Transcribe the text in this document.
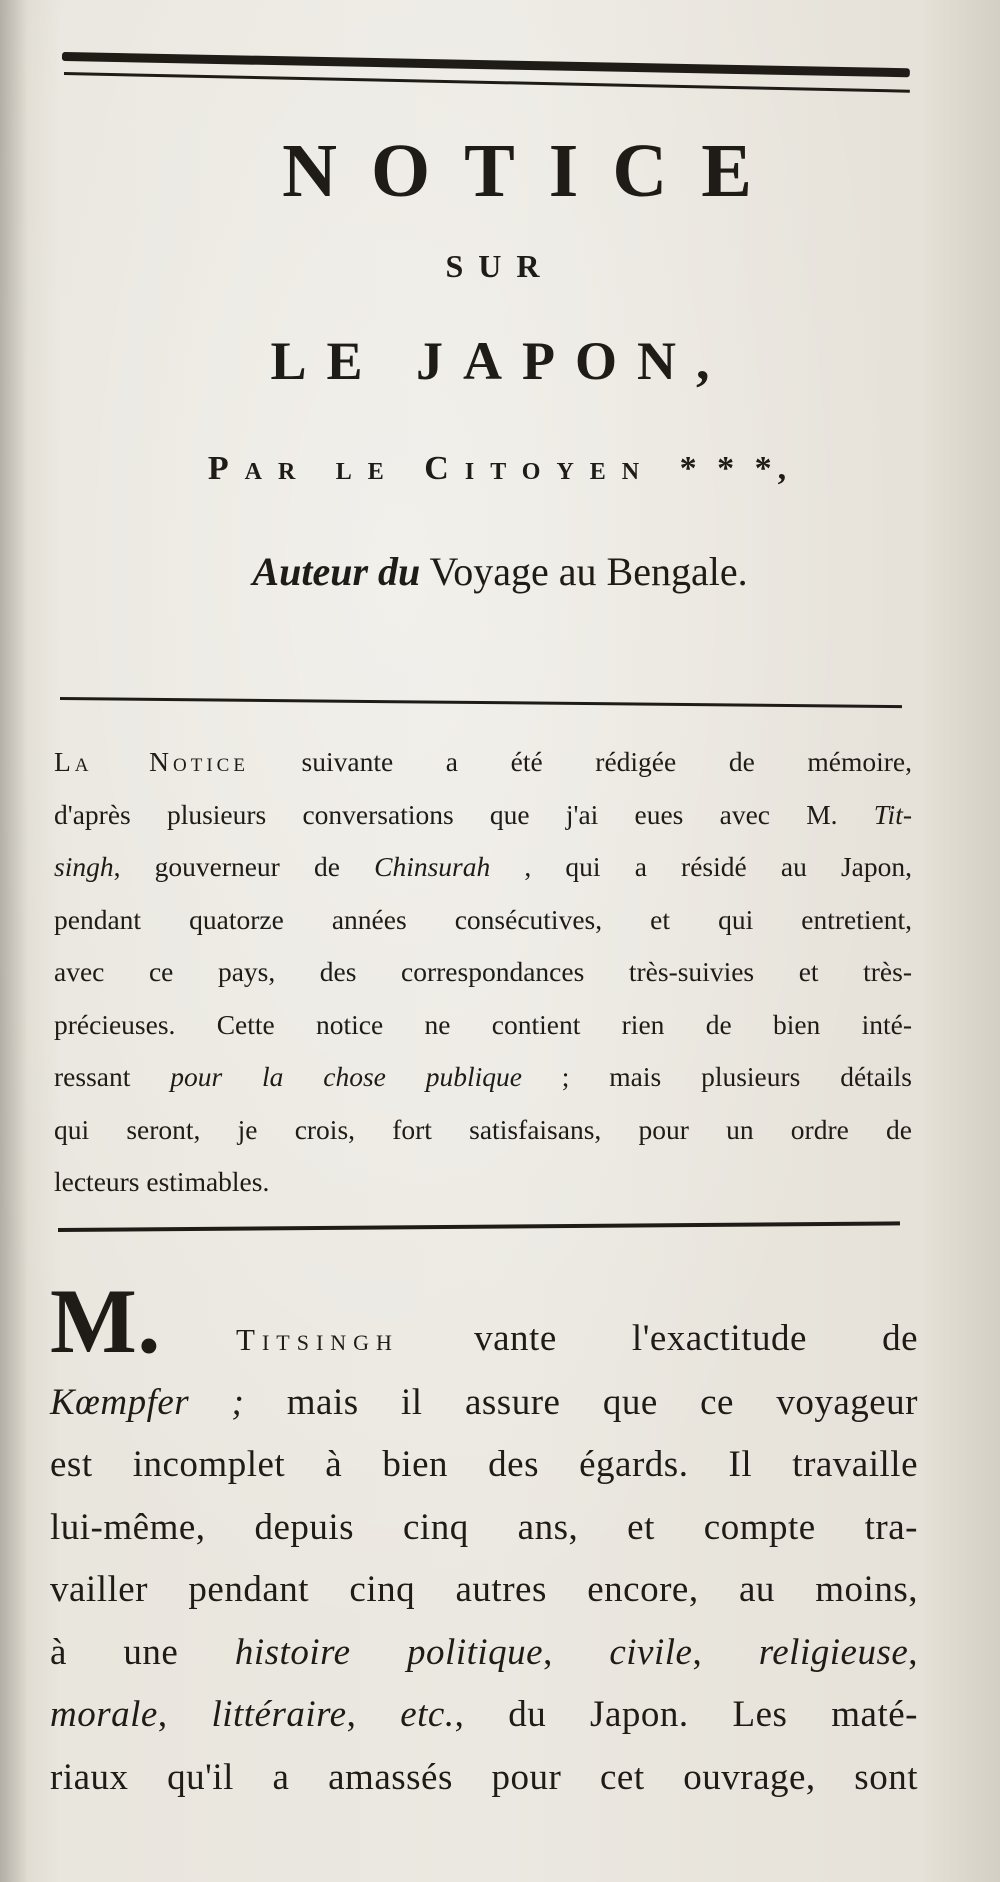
NOTICE
SUR
LE JAPON,
Par le Citoyen * * *,
Auteur du Voyage au Bengale.
La Notice suivante a été rédigée de mémoire,
d'après plusieurs conversations que j'ai eues avec M. Tit-
singh, gouverneur de Chinsurah , qui a résidé au Japon,
pendant quatorze années consécutives, et qui entretient,
avec ce pays, des correspondances très-suivies et très-
précieuses. Cette notice ne contient rien de bien inté-
ressant pour la chose publique ; mais plusieurs détails
qui seront, je crois, fort satisfaisans, pour un ordre de
lecteurs estimables.
M. Titsingh vante l'exactitude de
Kœmpfer ; mais il assure que ce voyageur
est incomplet à bien des égards. Il travaille
lui-même, depuis cinq ans, et compte tra-
vailler pendant cinq autres encore, au moins,
à une histoire politique, civile, religieuse,
morale, littéraire, etc., du Japon. Les maté-
riaux qu'il a amassés pour cet ouvrage, sont
